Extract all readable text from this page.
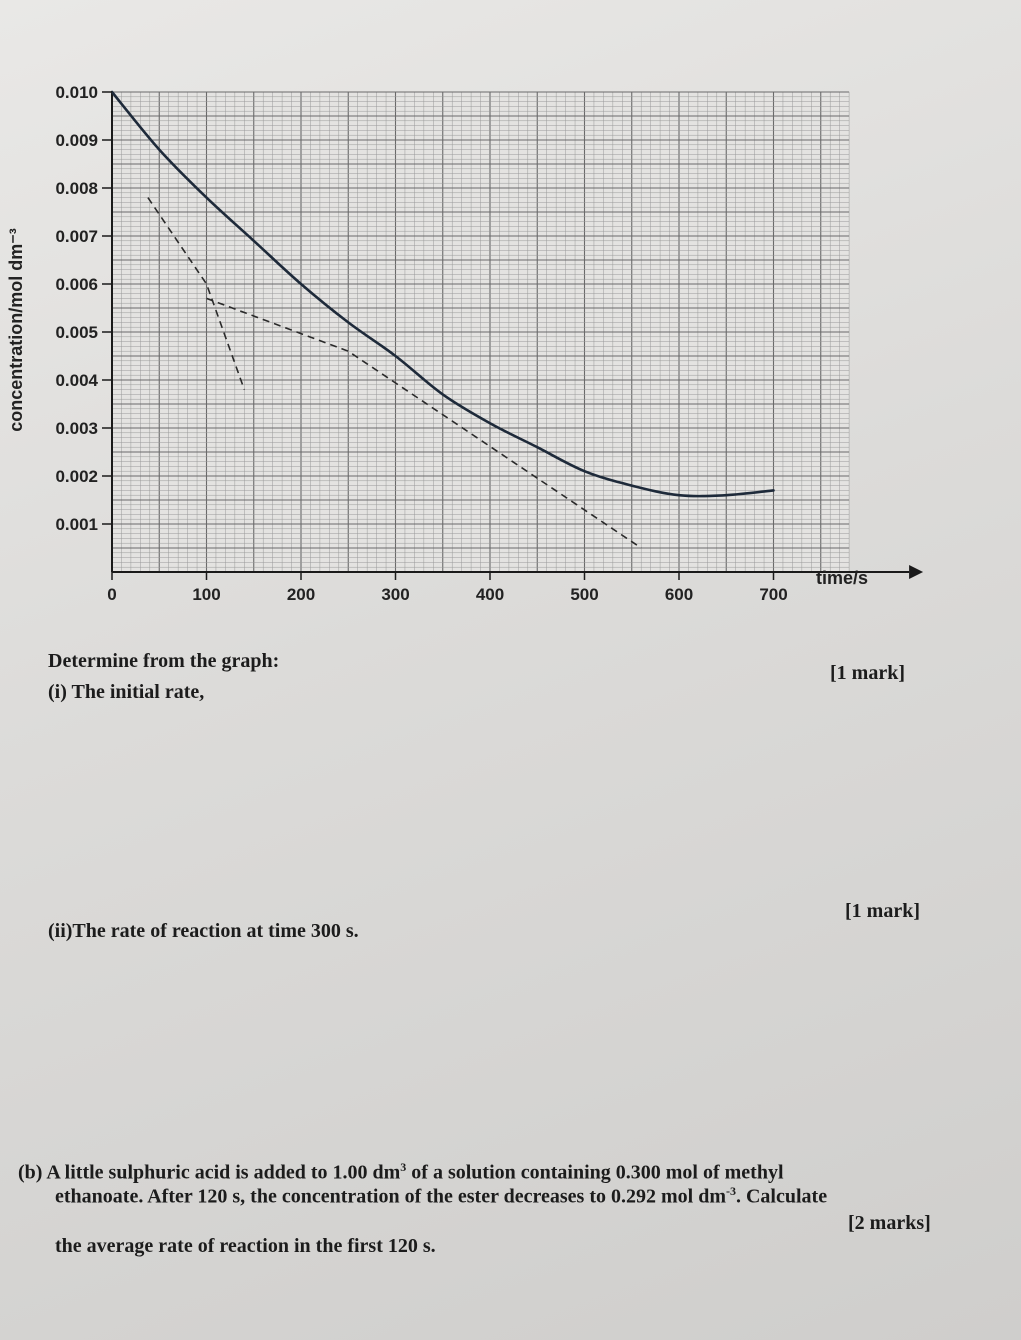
0	100	200	300	400	500	600	700
0.001
0.002
0.003
0.004
0.005
0.006
0.007
0.008
0.009
0.010
time/s
concentration/mol dm⁻³

Determine from the graph:

(i) The initial rate,

[1 mark]

(ii)The rate of reaction at time 300 s.

[1 mark]

(b) A little sulphuric acid is added to 1.00 $dm^3$ of a solution containing 0.300 mol of methyl

ethanoate. After 120 s, the concentration of the ester decreases to 0.292 mol $dm^{-3}$. Calculate

the average rate of reaction in the first 120 s.

[2 marks]
